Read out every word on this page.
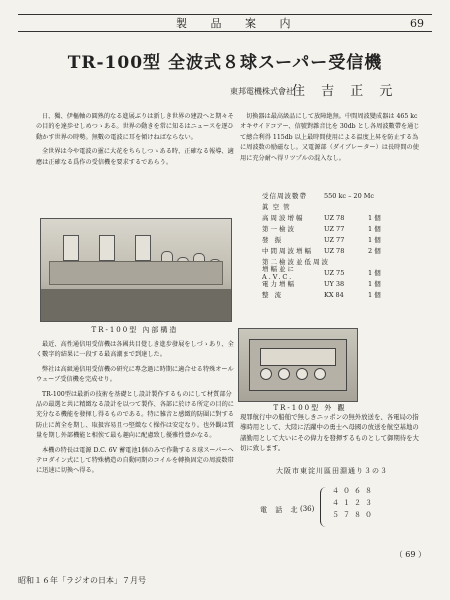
製 品 案 内	69
TR-100型 全波式８球スーパー受信機
東邦電機株式會社
住 吉 正 元

日、獨、伊樞軸の圓熟的なる進展ぶりは新しき世界の建設へと期々その目的を達歩せしめつゝある。世界の動きを常に知るはニュースを逐ひ動かす世界の時勢。無數の電波に耳を傾けねばならない。

全世界は今や電波の靈に大花をちらしつゝある時、正確なる報導、適應は正確なる爲作の受信機を要求するであらう。

TR-100型 內部構造

最近、高性通信用受信機は各國共目覺しき進步發展をしづゝあり、全く數字的結果に一段する最高潮まで到達した。

弊社は高級通信用受信機の研究に專念過に時期に適合せる特殊オールウェーブ受信機を完成せり。

TR-100型は最新の技術を基礎とし設計製作するものにして材質部分品の最選と共に精緻なる設計を以つて製作、各部に於ける所定の目的に充分なる機能を發揮し得るものである。特に雑音と感緻的防圍に對する防止に萬全を期し、取扱容易且つ堅緻なく操作は安定なり。也外觀は質量を期し外部機能と相俟て最も趣向に配慮致し優雅性豊かなる。

本機の特長は電源 D.C. 6V 蓄電池1個のみで作動する８球スーパーヘテロダイン式にして特殊構造の自動同期のコイルを轉換固定の周波数帯に迅速に切換へ得る。

切換器は最高級品にして放障絶無。中間周波變成器は 465 kc オキサイドコアー、信號對雜音比を 30db とし各周波數帶を通じて總合利得 115db 以上最時間使用による温度上昇を防止する為に周波数の励磁なし。又電源部（ダイブレーター）は長時間の使用に充分耐へ得リツプルの混入なし。

受信周波數帶	550 kc – 20 Mc
眞 空 管
高周波增幅	UZ 78	1 個
第一檢波	UZ 77	1 個
發 振	UZ 77	1 個
中間周波增幅	UZ 78	2 個
第二檢波並低周波
增幅並に A.V.C.
UZ 75	1 個
電力增幅	UY 38	1 個
整 流	KX 84	1 個
TR-100型 外 觀
現罪航行中の船舶で無しきニッポンの無外放送を、各電局の指導時用として、大陸に活躍中の勇士へ母國の放送を航空基地の諸勤用として大いにその偉力を發揮するものとして御期待を大切に致します。
大阪市東淀川區田淵通り３の３
電 話 北 (36)
４０６８
４１２３
５７８０
（ 69 ）
昭和１６年「ラジオの日本」７月号
